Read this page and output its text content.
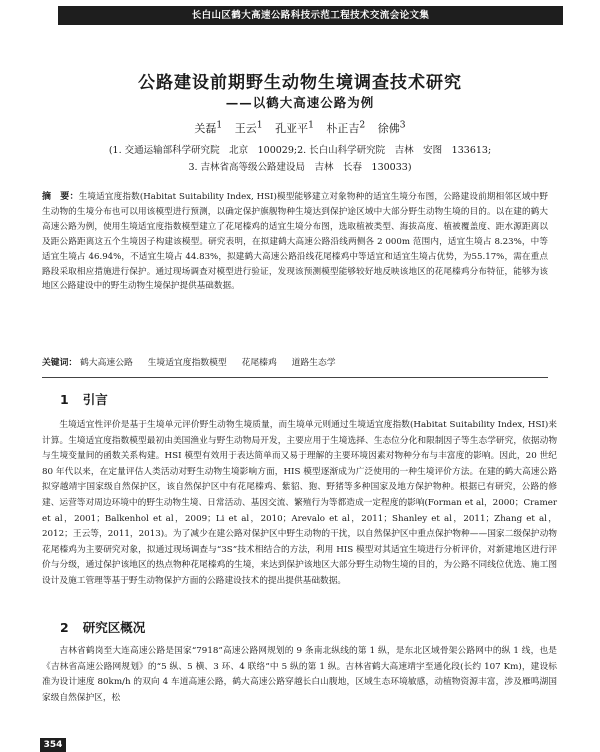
长白山区鹤大高速公路科技示范工程技术交流会论文集
公路建设前期野生动物生境调查技术研究
——以鹤大高速公路为例
关磊$^1$ 王云$^1$ 孔亚平$^1$ 朴正吉$^2$ 徐佛$^3$
(1. 交通运输部科学研究院　北京　100029;2. 长白山科学研究院　吉林　安图　133613;
3. 吉林省高等级公路建设局　吉林　长春　130033)
摘　要：生境适宜度指数(Habitat Suitability Index, HSI)模型能够建立对象物种的适宜生境分布图，公路建设前期相邻区域中野生动物的生境分布也可以用该模型进行预测，以确定保护旗舰物种生境达到保护途区域中大部分野生动物生境的目的。以在建的鹤大高速公路为例，使用生境适宜度指数模型建立了花尾榛鸡的适宜生境分布图，选取植被类型、海拔高度、植被覆盖度、距水源距离以及距公路距离这五个生境因子构建该模型。研究表明，在拟建鹤大高速公路沿线两侧各 2 000m 范围内，适宜生境占 8.23%，中等适宜生境占 46.94%，不适宜生境占 44.83%，拟建鹤大高速公路沿线花尾榛鸡中等适宜和适宜生境占优势，为55.17%，需在重点路段采取相应措施进行保护。通过现场调查对模型进行验证，发现该预测模型能够较好地反映该地区的花尾榛鸡分布特征，能够为该地区公路建设中的野生动物生境保护提供基础数据。
关键词： 鹤大高速公路 生境适宜度指数模型 花尾榛鸡 道路生态学
1 引言
生境适宜性评价是基于生境单元评价野生动物生境质量，而生境单元则通过生境适宜度指数(Habitat Suitability Index, HSI)来计算。生境适宜度指数模型最初由美国渔业与野生动物局开发，主要应用于生境选择、生态位分化和限制因子等生态学研究，依据动物与生境变量间的函数关系构建。HSI 模型有效用于表达简单而又易于理解的主要环境因素对物种分布与丰富度的影响。因此，20 世纪 80 年代以来，在定量评估人类活动对野生动物生境影响方面，HIS 模型逐渐成为广泛使用的一种生境评价方法。在建的鹤大高速公路拟穿越靖宇国家级自然保护区，该自然保护区中有花尾榛鸡、紫貂、狍、野猪等多种国家及地方保护物种。根据已有研究，公路的修建、运营等对周边环境中的野生动物生境、日常活动、基因交流、繁殖行为等都造成一定程度的影响(Forman et al，2000；Cramer et al，2001；Balkenhol et al，2009；Li et al，2010；Arevalo et al，2011；Shanley et al，2011；Zhang et al，2012；王云等，2011，2013)。为了减少在建公路对保护区中野生动物的干扰，以自然保护区中重点保护物种——国家二级保护动物花尾榛鸡为主要研究对象，拟通过现场调查与“3S”技术相结合的方法，利用 HIS 模型对其适宜生境进行分析评价，对新建地区进行评价与分级，通过保护该地区的热点物种花尾榛鸡的生境，来达到保护该地区大部分野生动物生境的目的，为公路不同线位优选、施工图设计及施工管理等基于野生动物保护方面的公路建设技术的提出提供基础数据。
2 研究区概况
吉林省鹤岗至大连高速公路是国家“7918”高速公路网规划的 9 条南北纵线的第 1 纵，是东北区域骨架公路网中的纵 1 线，也是《吉林省高速公路网规划》的“5 纵、5 横、3 环、4 联络”中 5 纵的第 1 纵。吉林省鹤大高速靖宇至通化段(长约 107 Km)，建设标准为设计速度 80km/h 的双向 4 车道高速公路，鹤大高速公路穿越长白山腹地，区域生态环境敏感，动植物资源丰富，涉及雁鸣湖国家级自然保护区，松
354
